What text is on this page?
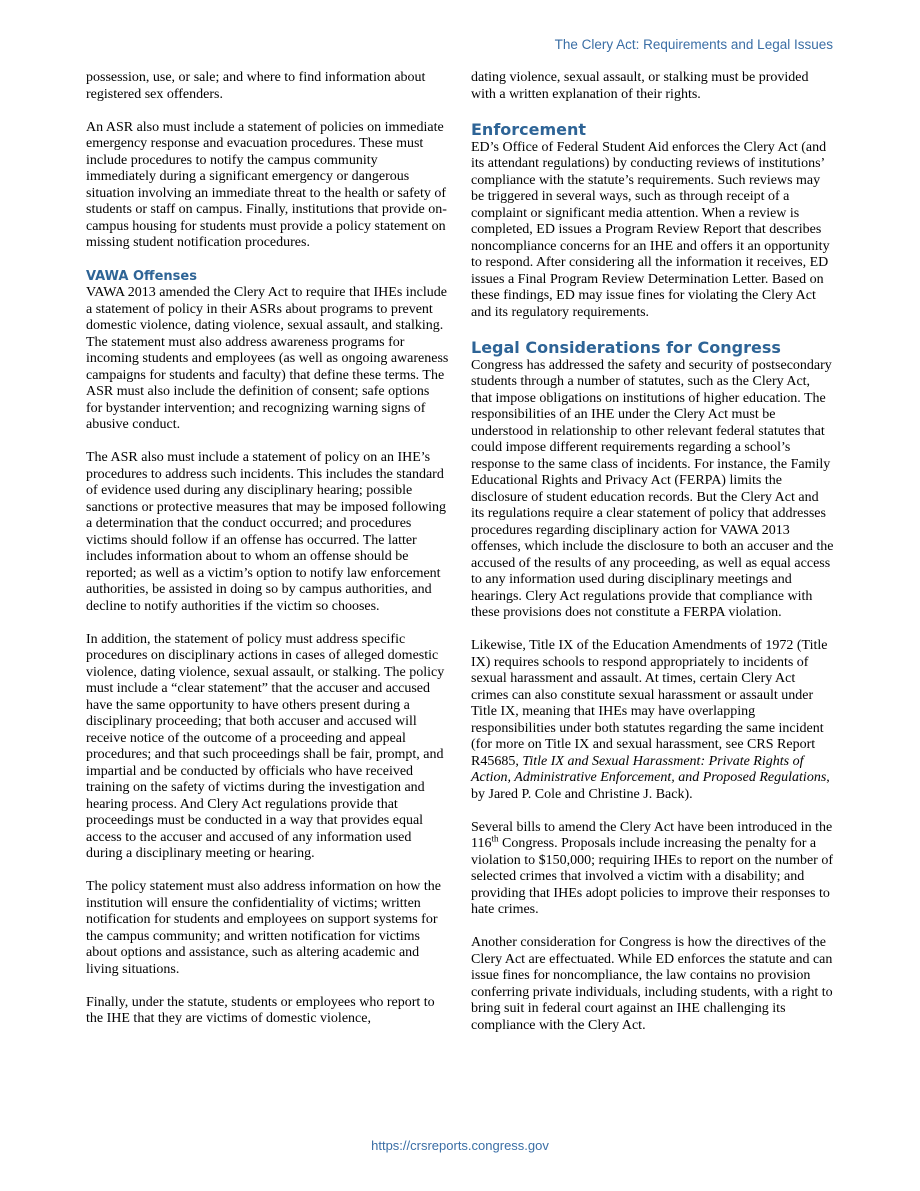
The Clery Act: Requirements and Legal Issues

possession, use, or sale; and where to find information about registered sex offenders.

An ASR also must include a statement of policies on immediate emergency response and evacuation procedures. These must include procedures to notify the campus community immediately during a significant emergency or dangerous situation involving an immediate threat to the health or safety of students or staff on campus. Finally, institutions that provide on-campus housing for students must provide a policy statement on missing student notification procedures.

VAWA Offenses

VAWA 2013 amended the Clery Act to require that IHEs include a statement of policy in their ASRs about programs to prevent domestic violence, dating violence, sexual assault, and stalking. The statement must also address awareness programs for incoming students and employees (as well as ongoing awareness campaigns for students and faculty) that define these terms. The ASR must also include the definition of consent; safe options for bystander intervention; and recognizing warning signs of abusive conduct.

The ASR also must include a statement of policy on an IHE’s procedures to address such incidents. This includes the standard of evidence used during any disciplinary hearing; possible sanctions or protective measures that may be imposed following a determination that the conduct occurred; and procedures victims should follow if an offense has occurred. The latter includes information about to whom an offense should be reported; as well as a victim’s option to notify law enforcement authorities, be assisted in doing so by campus authorities, and decline to notify authorities if the victim so chooses.

In addition, the statement of policy must address specific procedures on disciplinary actions in cases of alleged domestic violence, dating violence, sexual assault, or stalking. The policy must include a “clear statement” that the accuser and accused have the same opportunity to have others present during a disciplinary proceeding; that both accuser and accused will receive notice of the outcome of a proceeding and appeal procedures; and that such proceedings shall be fair, prompt, and impartial and be conducted by officials who have received training on the safety of victims during the investigation and hearing process. And Clery Act regulations provide that proceedings must be conducted in a way that provides equal access to the accuser and accused of any information used during a disciplinary meeting or hearing.

The policy statement must also address information on how the institution will ensure the confidentiality of victims; written notification for students and employees on support systems for the campus community; and written notification for victims about options and assistance, such as altering academic and living situations.

Finally, under the statute, students or employees who report to the IHE that they are victims of domestic violence,

dating violence, sexual assault, or stalking must be provided with a written explanation of their rights.

Enforcement

ED’s Office of Federal Student Aid enforces the Clery Act (and its attendant regulations) by conducting reviews of institutions’ compliance with the statute’s requirements. Such reviews may be triggered in several ways, such as through receipt of a complaint or significant media attention. When a review is completed, ED issues a Program Review Report that describes noncompliance concerns for an IHE and offers it an opportunity to respond. After considering all the information it receives, ED issues a Final Program Review Determination Letter. Based on these findings, ED may issue fines for violating the Clery Act and its regulatory requirements.

Legal Considerations for Congress

Congress has addressed the safety and security of postsecondary students through a number of statutes, such as the Clery Act, that impose obligations on institutions of higher education. The responsibilities of an IHE under the Clery Act must be understood in relationship to other relevant federal statutes that could impose different requirements regarding a school’s response to the same class of incidents. For instance, the Family Educational Rights and Privacy Act (FERPA) limits the disclosure of student education records. But the Clery Act and its regulations require a clear statement of policy that addresses procedures regarding disciplinary action for VAWA 2013 offenses, which include the disclosure to both an accuser and the accused of the results of any proceeding, as well as equal access to any information used during disciplinary meetings and hearings. Clery Act regulations provide that compliance with these provisions does not constitute a FERPA violation.

Likewise, Title IX of the Education Amendments of 1972 (Title IX) requires schools to respond appropriately to incidents of sexual harassment and assault. At times, certain Clery Act crimes can also constitute sexual harassment or assault under Title IX, meaning that IHEs may have overlapping responsibilities under both statutes regarding the same incident (for more on Title IX and sexual harassment, see CRS Report R45685, Title IX and Sexual Harassment: Private Rights of Action, Administrative Enforcement, and Proposed Regulations, by Jared P. Cole and Christine J. Back).

Several bills to amend the Clery Act have been introduced in the 116th Congress. Proposals include increasing the penalty for a violation to $150,000; requiring IHEs to report on the number of selected crimes that involved a victim with a disability; and providing that IHEs adopt policies to improve their responses to hate crimes.

Another consideration for Congress is how the directives of the Clery Act are effectuated. While ED enforces the statute and can issue fines for noncompliance, the law contains no provision conferring private individuals, including students, with a right to bring suit in federal court against an IHE challenging its compliance with the Clery Act.

https://crsreports.congress.gov
